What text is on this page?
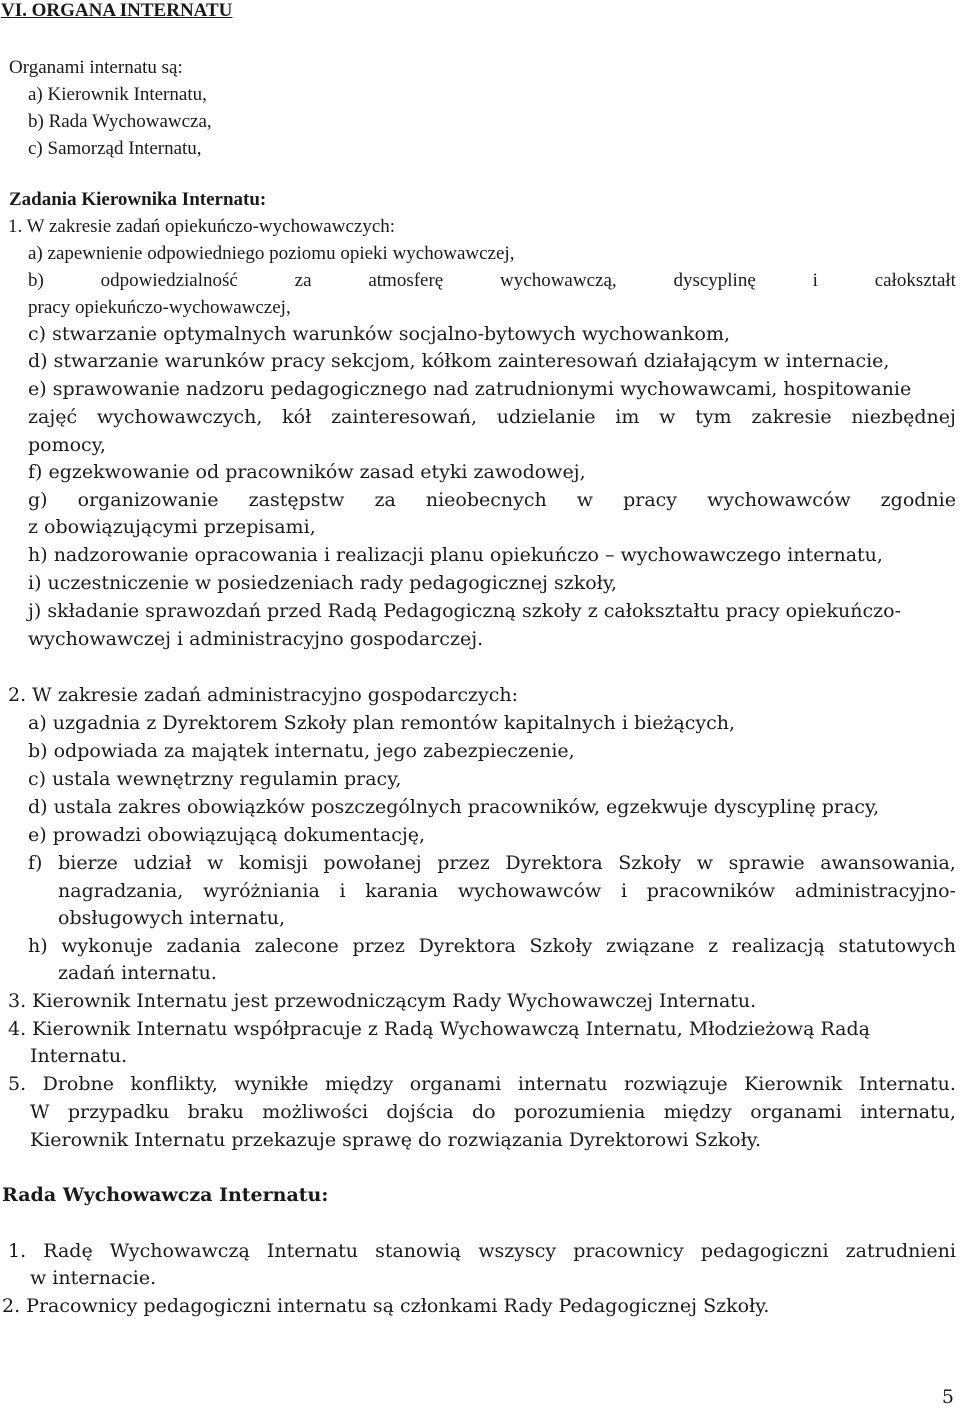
VI. ORGANA INTERNATU
Organami internatu są:
a) Kierownik Internatu,
b) Rada Wychowawcza,
c) Samorząd Internatu,
Zadania Kierownika Internatu:
1. W zakresie zadań opiekuńczo-wychowawczych:
a) zapewnienie odpowiedniego poziomu opieki wychowawczej,
b)	odpowiedzialność	za	atmosferę	wychowawczą,	dyscyplinę	i	całokształt
pracy opiekuńczo-wychowawczej,
c) stwarzanie optymalnych warunków socjalno-bytowych wychowankom,
d) stwarzanie warunków pracy sekcjom, kółkom zainteresowań działającym w internacie,
e) sprawowanie nadzoru pedagogicznego nad zatrudnionymi wychowawcami, hospitowanie
zajęć wychowawczych, kół zainteresowań, udzielanie im w tym zakresie niezbędnej
pomocy,
f) egzekwowanie od pracowników zasad etyki zawodowej,
g) organizowanie zastępstw za nieobecnych w pracy wychowawców zgodnie
z obowiązującymi przepisami,
h) nadzorowanie opracowania i realizacji planu opiekuńczo – wychowawczego internatu,
i) uczestniczenie w posiedzeniach rady pedagogicznej szkoły,
j) składanie sprawozdań przed Radą Pedagogiczną szkoły z całokształtu pracy opiekuńczo-
wychowawczej i administracyjno gospodarczej.
2. W zakresie zadań administracyjno gospodarczych:
a) uzgadnia z Dyrektorem Szkoły plan remontów kapitalnych i bieżących,
b) odpowiada za majątek internatu, jego zabezpieczenie,
c) ustala wewnętrzny regulamin pracy,
d) ustala zakres obowiązków poszczególnych pracowników, egzekwuje dyscyplinę pracy,
e) prowadzi obowiązującą dokumentację,
f) bierze udział w komisji powołanej przez Dyrektora Szkoły w sprawie awansowania,
nagradzania, wyróżniania i karania wychowawców i pracowników administracyjno-
obsługowych internatu,
h) wykonuje zadania zalecone przez Dyrektora Szkoły związane z realizacją statutowych
zadań internatu.
3. Kierownik Internatu jest przewodniczącym Rady Wychowawczej Internatu.
4. Kierownik Internatu współpracuje z Radą Wychowawczą Internatu, Młodzieżową Radą
Internatu.
5. Drobne konflikty, wynikłe między organami internatu rozwiązuje Kierownik Internatu.
W przypadku braku możliwości dojścia do porozumienia między organami internatu,
Kierownik Internatu przekazuje sprawę do rozwiązania Dyrektorowi Szkoły.
Rada Wychowawcza Internatu:
1. Radę Wychowawczą Internatu stanowią wszyscy pracownicy pedagogiczni zatrudnieni
w internacie.
2. Pracownicy pedagogiczni internatu są członkami Rady Pedagogicznej Szkoły.
5
